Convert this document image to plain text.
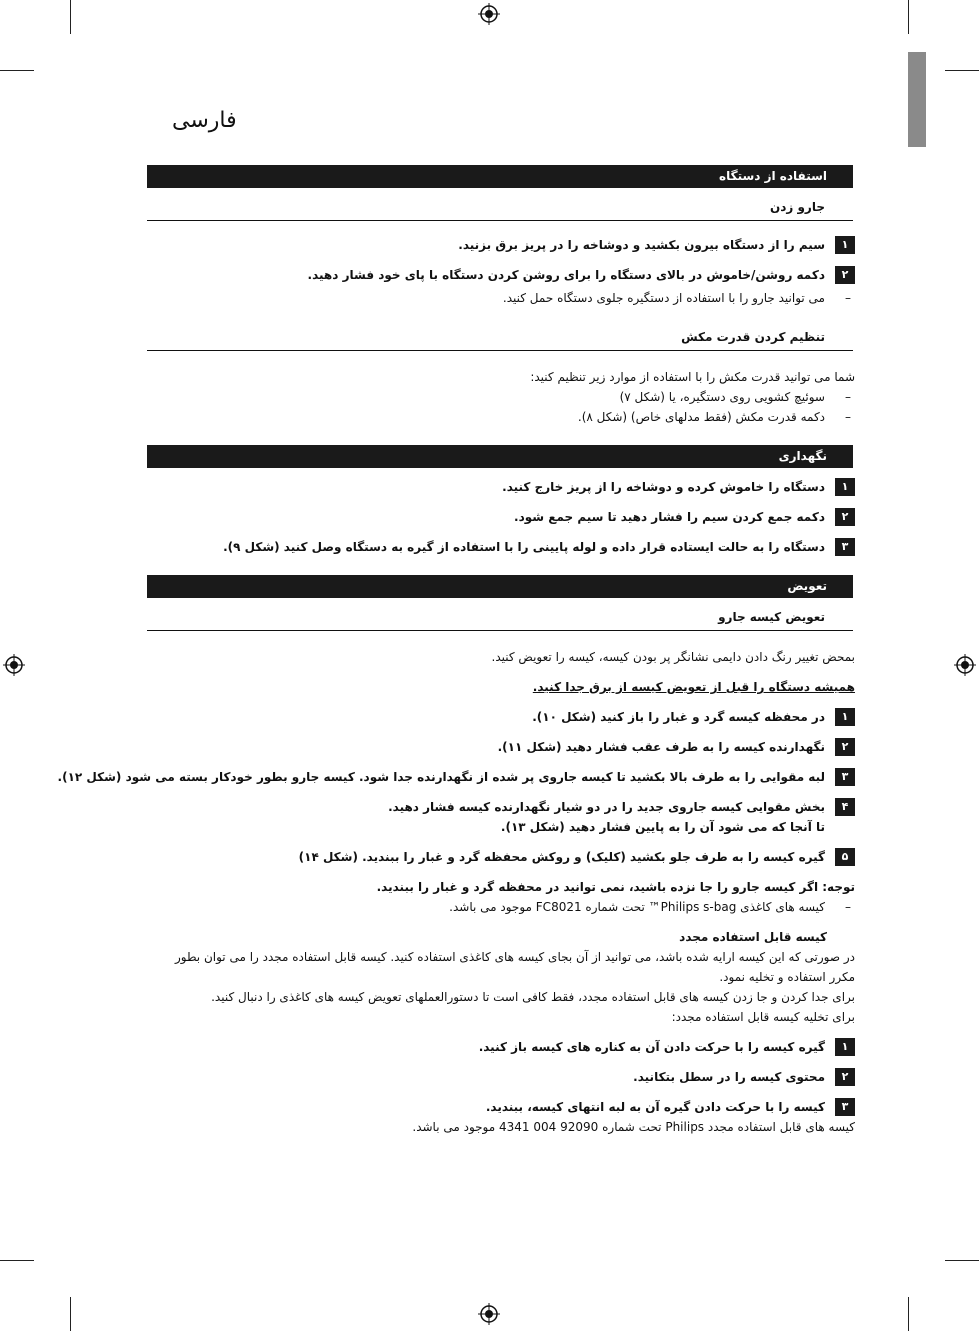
فارسی
استفاده از دستگاه
جارو زدن
۱
سیم را از دستگاه بیرون بکشید و دوشاخه را در پریز برق بزنید.
۲
دکمه روشن/خاموش در بالای دستگاه را برای روشن کردن دستگاه با پای خود فشار دهید.
–
می توانید جارو را با استفاده از دستگیره جلوی دستگاه حمل کنید.
تنظیم کردن قدرت مکش
شما می توانید قدرت مکش را با استفاده از موارد زیر تنظیم کنید:
–
سوئیچ کشویی روی دستگیره، یا (شکل ۷)
–
دکمه قدرت مکش (فقط مدلهای خاص) (شکل ۸).
نگهداری
۱
دستگاه را خاموش کرده و دوشاخه را از پریز خارج کنید.
۲
دکمه جمع کردن سیم را فشار دهید تا سیم جمع شود.
۳
دستگاه را به حالت ایستاده قرار داده و لوله پایینی را با استفاده از گیره به دستگاه وصل کنید (شکل ۹).
تعویض
تعویض کیسه جارو
بمحض تغییر رنگ دادن دایمی نشانگر پر بودن کیسه، کیسه را تعویض کنید.
همیشه دستگاه را قبل از تعویض کیسه از برق جدا کنید.
۱
در محفظه کیسه گرد و غبار را باز کنید (شکل ۱۰).
۲
نگهدارنده کیسه را به طرف عقب فشار دهید (شکل ۱۱).
۳
لبه مقوایی را به طرف بالا بکشید تا کیسه جاروی پر شده از نگهدارنده جدا شود. کیسه جارو بطور خودکار بسته می شود (شکل ۱۲).
۴
بخش مقوایی کیسه جاروی جدید را در دو شیار نگهدارنده کیسه فشار دهید.
تا آنجا که می شود آن را به پایین فشار دهید (شکل ۱۳).
۵
گیره کیسه را به طرف جلو بکشید (کلیک) و روکش محفظه گرد و غبار را ببندید. (شکل ۱۴)
توجه: اگر کیسه جارو را جا نزده باشید، نمی توانید در محفظه گرد و غبار را ببندید.
–
کیسه های کاغذی Philips s-bag™ تحت شماره FC8021 موجود می باشد.
کیسه قابل استفاده مجدد
در صورتی که این کیسه ارایه شده باشد، می توانید از آن بجای کیسه های کاغذی استفاده کنید. کیسه قابل استفاده مجدد را می توان بطور
مکرر استفاده و تخلیه نمود.
برای جدا کردن و جا زدن کیسه های قابل استفاده مجدد، فقط کافی است تا دستورالعملهای تعویض کیسه های کاغذی را دنبال کنید.
برای تخلیه کیسه قابل استفاده مجدد:
۱
گیره کیسه را با حرکت دادن آن به کناره های کیسه باز کنید.
۲
محتوی کیسه را در سطل بتکانید.
۳
کیسه را با حرکت دادن گیره آن به لبه انتهای کیسه، ببندید.
کیسه های قابل استفاده مجدد Philips تحت شماره 92090 004 4341 موجود می باشد.
